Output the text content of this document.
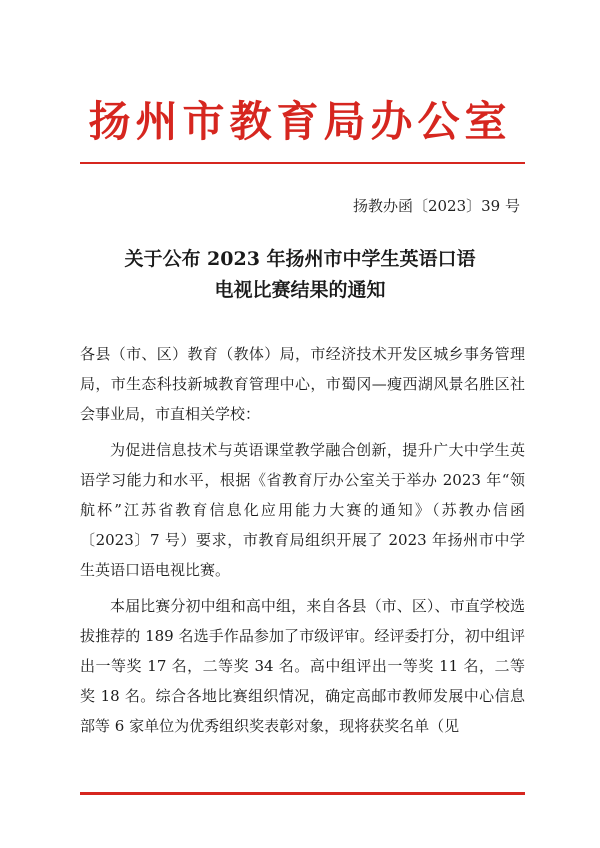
扬州市教育局办公室
扬教办函〔2023〕39 号
关于公布 2023 年扬州市中学生英语口语
电视比赛结果的通知

各县（市、区）教育（教体）局，市经济技术开发区城乡事务管理局，市生态科技新城教育管理中心，市蜀冈—瘦西湖风景名胜区社会事业局，市直相关学校：

为促进信息技术与英语课堂教学融合创新，提升广大中学生英语学习能力和水平，根据《省教育厅办公室关于举办 2023 年“领航杯”江苏省教育信息化应用能力大赛的通知》（苏教办信函〔2023〕7 号）要求，市教育局组织开展了 2023 年扬州市中学生英语口语电视比赛。

本届比赛分初中组和高中组，来自各县（市、区）、市直学校选拔推荐的 189 名选手作品参加了市级评审。经评委打分，初中组评出一等奖 17 名，二等奖 34 名。高中组评出一等奖 11 名，二等奖 18 名。综合各地比赛组织情况，确定高邮市教师发展中心信息部等 6 家单位为优秀组织奖表彰对象，现将获奖名单（见
